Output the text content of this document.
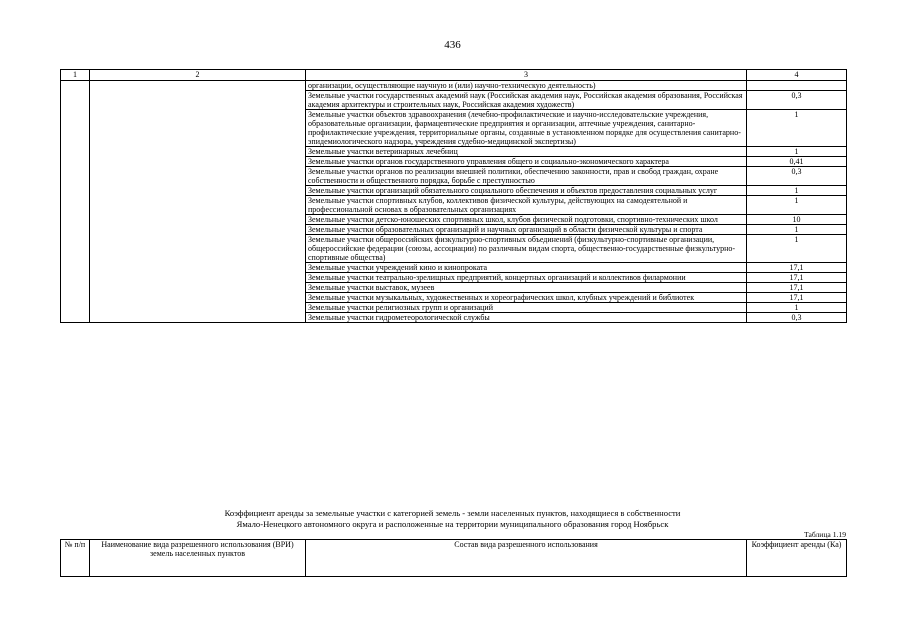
436
1	2	3	4
		организации, осуществляющие научную и (или) научно-техническую деятельность)	
		Земельные участки государственных академий наук (Российская академия наук, Российская академия образования, Российская академия архитектуры и строительных наук, Российская академия художеств)	0,3
		Земельные участки объектов здравоохранения (лечебно-профилактические и научно-исследовательские учреждения, образовательные организации, фармацевтические предприятия и организации, аптечные учреждения, санитарно-профилактические учреждения, территориальные органы, созданные в установленном порядке для осуществления санитарно-эпидемиологического надзора, учреждения судебно-медицинской экспертизы)	1
		Земельные участки ветеринарных лечебниц	1
		Земельные участки органов государственного управления общего и социально-экономического характера	0,41
		Земельные участки органов по реализации внешней политики, обеспечению законности, прав и свобод граждан, охране собственности и общественного порядка, борьбе с преступностью	0,3
		Земельные участки организаций обязательного социального обеспечения и объектов предоставления социальных услуг	1
		Земельные участки спортивных клубов, коллективов физической культуры, действующих на самодеятельной и профессиональной основах в образовательных организациях	1
		Земельные участки детско-юношеских спортивных школ, клубов физической подготовки, спортивно-технических школ	10
		Земельные участки образовательных организаций и научных организаций в области физической культуры и спорта	1
		Земельные участки общероссийских физкультурно-спортивных объединений (физкультурно-спортивные организации, общероссийские федерации (союзы, ассоциации) по различным видам спорта, общественно-государственные физкультурно-спортивные общества)	1
		Земельные участки учреждений кино и кинопроката	17,1
		Земельные участки театрально-зрелищных предприятий, концертных организаций и коллективов филармонии	17,1
		Земельные участки выставок, музеев	17,1
		Земельные участки музыкальных, художественных и хореографических школ, клубных учреждений и библиотек	17,1
		Земельные участки религиозных групп и организаций	1
		Земельные участки гидрометеорологической службы	0,3
Коэффициент аренды за земельные участки с категорией земель - земли населенных пунктов, находящиеся в собственности
Ямало-Ненецкого автономного округа и расположенные на территории муниципального образования город Ноябрьск
Таблица 1.19
№ п/п	Наименование вида разрешенного использования (ВРИ) земель населенных пунктов	Состав вида разрешенного использования	Коэффициент аренды (Ка)
